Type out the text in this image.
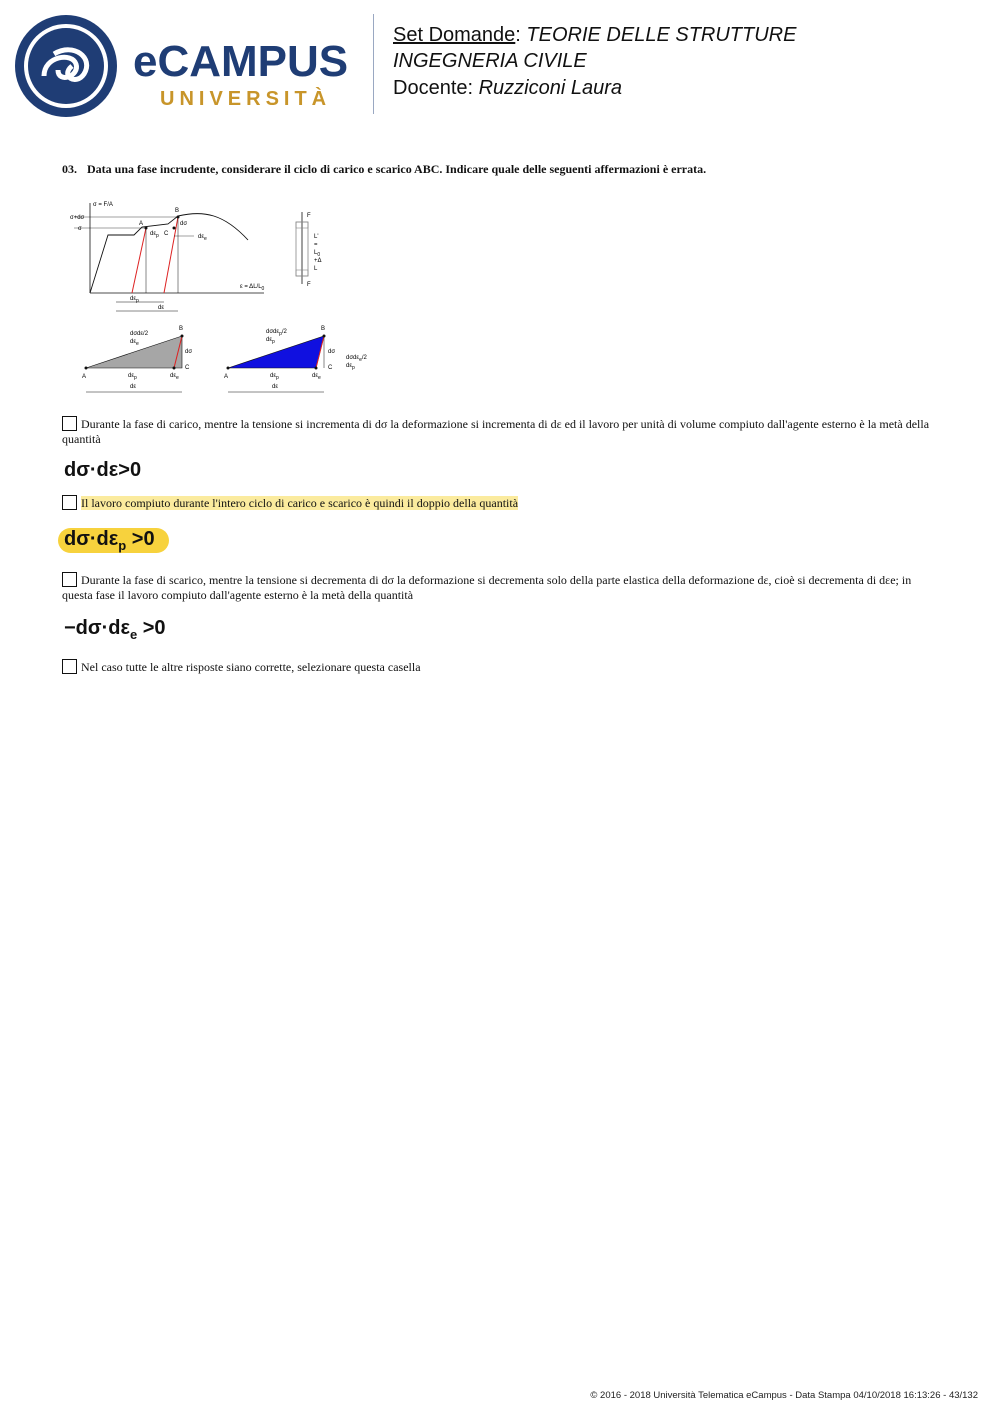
eCAMPUS
UNIVERSITÀ
Set Domande: TEORIE DELLE STRUTTURE
INGEGNERIA CIVILE
Docente: Ruzziconi Laura
03. Data una fase incrudente, considerare il ciclo di carico e scarico ABC. Indicare quale delle seguenti affermazioni è errata.
σ = F/A
σ+dσ
σ
A
B
C
dσ
$d\varepsilon_p$	$d\varepsilon_e$
$\varepsilon = \Delta L/L_0$
$d\varepsilon_p$
dε
F
L'
=
$L_0$
+Δ
L
F
dσdε/2
$d\varepsilon_e$
B
A
C
dσ
$d\varepsilon_p$	$d\varepsilon_e$
dε
dσdε$_p$/2
$d\varepsilon_p$
B
A
C
dσ
dσdε$_e$/2
$d\varepsilon_p$
$d\varepsilon_p$	$d\varepsilon_e$
dε
Durante la fase di carico, mentre la tensione si incrementa di dσ la deformazione si incrementa di dε ed il lavoro per unità di volume compiuto dall'agente esterno è la metà della quantità
dσ·dε>0
Il lavoro compiuto durante l'intero ciclo di carico e scarico è quindi il doppio della quantità
$d\sigma\cdot d\varepsilon_p >0$
Durante la fase di scarico, mentre la tensione si decrementa di dσ la deformazione si decrementa solo della parte elastica della deformazione dε, cioè si decrementa di dεe; in questa fase il lavoro compiuto dall'agente esterno è la metà della quantità
$-d\sigma\cdot d\varepsilon_e >0$
Nel caso tutte le altre risposte siano corrette, selezionare questa casella
© 2016 - 2018 Università Telematica eCampus - Data Stampa 04/10/2018 16:13:26 - 43/132
